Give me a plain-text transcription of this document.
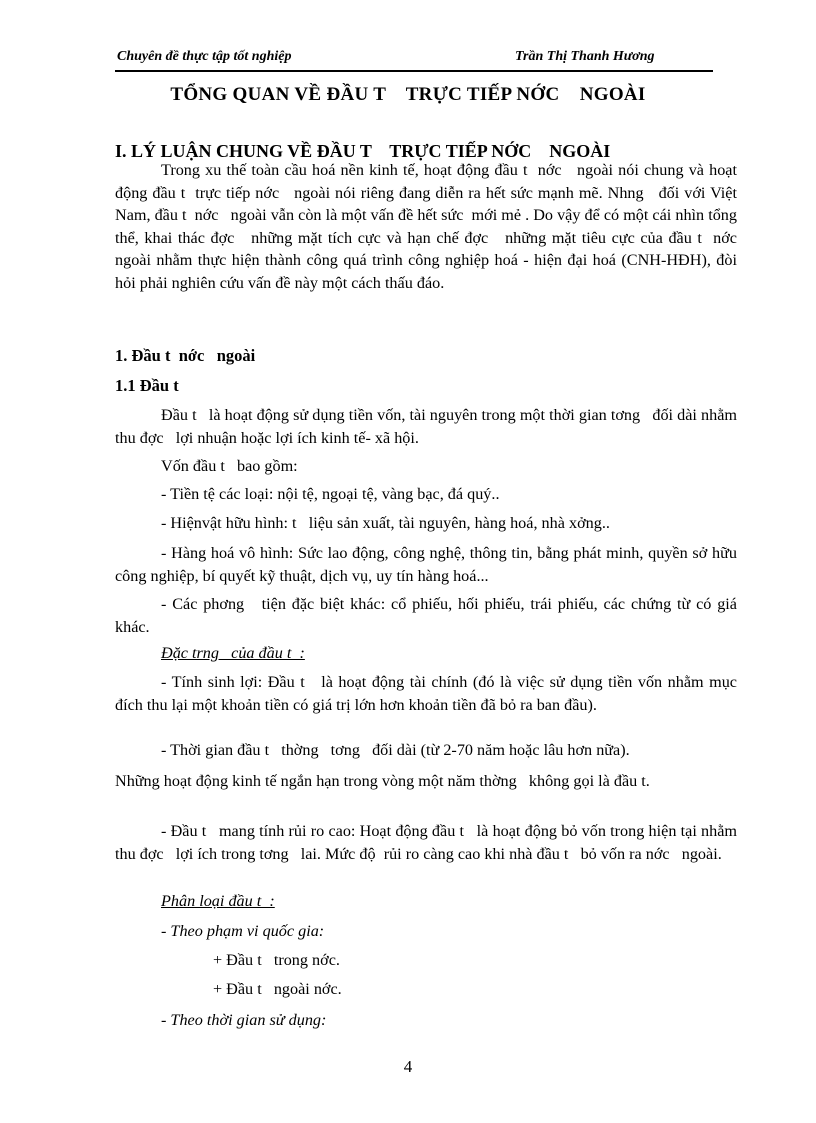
Chuyên đề thực tập tốt nghiệp	Trần Thị Thanh Hương
TỔNG QUAN VỀ ĐẦU T    TRỰC TIẾP NỚC    NGOÀI
I. LÝ LUẬN CHUNG VỀ ĐẦU T    TRỰC TIẾP NỚC    NGOÀI
Trong xu thế toàn cầu hoá nền kinh tế, hoạt động đầu t  nớc   ngoài nói chung và hoạt động đầu t  trực tiếp nớc   ngoài nói riêng đang diễn ra hết sức mạnh mẽ. Nhng   đối với Việt Nam, đầu t  nớc   ngoài vẫn còn là một vấn đề hết sức  mới mẻ . Do vậy để có một cái nhìn tổng thể, khai thác đợc   những mặt tích cực và hạn chế đợc   những mặt tiêu cực của đầu t  nớc   ngoài nhằm thực hiện thành công quá trình công nghiệp hoá - hiện đại hoá (CNH-HĐH), đòi hỏi phải nghiên cứu vấn đề này một cách thấu đáo.
1. Đầu t  nớc   ngoài
1.1 Đầu t
Đầu t   là hoạt động sử dụng tiền vốn, tài nguyên trong một thời gian tơng   đối dài nhằm thu đợc   lợi nhuận hoặc lợi ích kinh tế- xã hội.
Vốn đầu t   bao gồm:
- Tiền tệ các loại: nội tệ, ngoại tệ, vàng bạc, đá quý..
- Hiệnvật hữu hình: t   liệu sản xuất, tài nguyên, hàng hoá, nhà xởng..
- Hàng hoá vô hình: Sức lao động, công nghệ, thông tin, bằng phát minh, quyền sở hữu công nghiệp, bí quyết kỹ thuật, dịch vụ, uy tín hàng hoá...
- Các phơng   tiện đặc biệt khác: cổ phiếu, hối phiếu, trái phiếu, các chứng từ có giá khác.
Đặc trng   của đầu t  :
- Tính sinh lợi: Đầu t   là hoạt động tài chính (đó là việc sử dụng tiền vốn nhằm mục đích thu lại một khoản tiền có giá trị lớn hơn khoản tiền đã bỏ ra ban đầu).
- Thời gian đầu t   thờng   tơng   đối dài (từ 2-70 năm hoặc lâu hơn nữa).
Những hoạt động kinh tế ngắn hạn trong vòng một năm thờng   không gọi là đầu t.
- Đầu t   mang tính rủi ro cao: Hoạt động đầu t   là hoạt động bỏ vốn trong hiện tại nhằm thu đợc   lợi ích trong tơng   lai. Mức độ  rủi ro càng cao khi nhà đầu t   bỏ vốn ra nớc   ngoài.
Phân loại đầu t  :
- Theo phạm vi quốc gia:
+ Đầu t   trong nớc.
+ Đầu t   ngoài nớc.
- Theo thời gian sử dụng:
4
